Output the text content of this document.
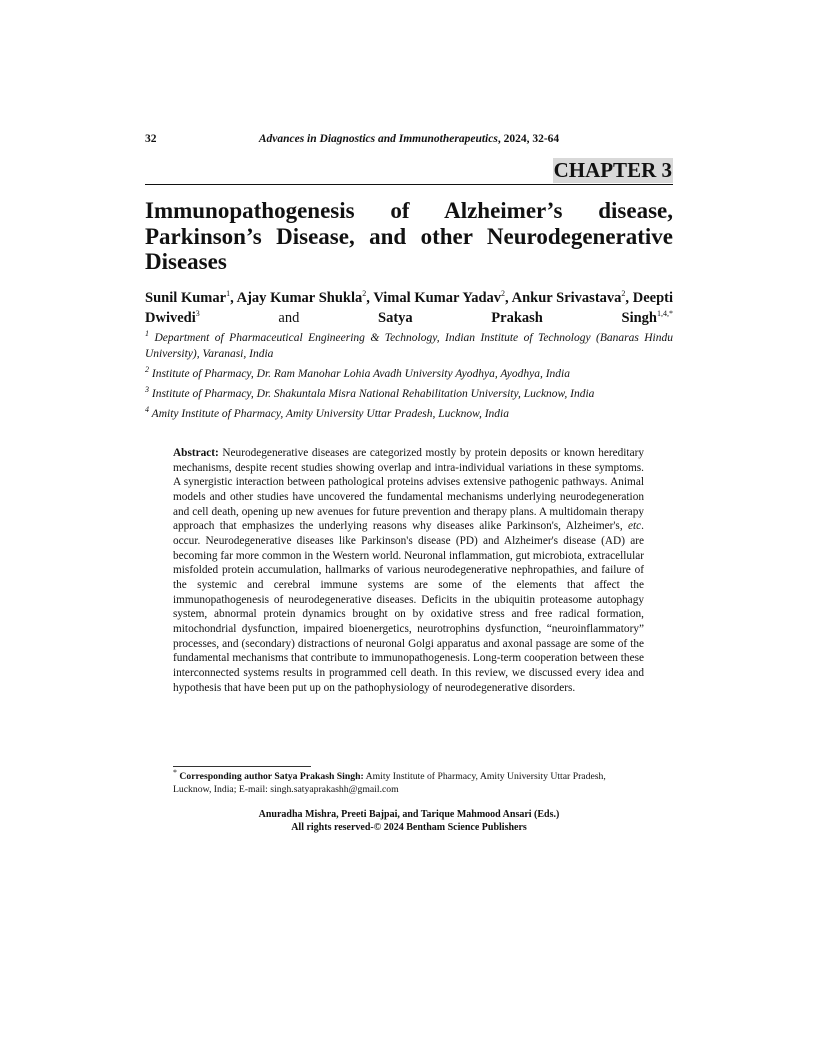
32	Advances in Diagnostics and Immunotherapeutics, 2024, 32-64
CHAPTER 3
Immunopathogenesis of Alzheimer’s disease,
Parkinson’s Disease, and other Neurodegenerative
Diseases
Sunil Kumar$^1$, Ajay Kumar Shukla$^2$, Vimal Kumar Yadav$^2$, Ankur Srivastava$^2$, Deepti Dwivedi$^3$ and Satya Prakash Singh$^{1,4,*}$

$^1$ Department of Pharmaceutical Engineering & Technology, Indian Institute of Technology (Banaras Hindu University), Varanasi, India

$^2$ Institute of Pharmacy, Dr. Ram Manohar Lohia Avadh University Ayodhya, Ayodhya, India

$^3$ Institute of Pharmacy, Dr. Shakuntala Misra National Rehabilitation University, Lucknow, India

$^4$ Amity Institute of Pharmacy, Amity University Uttar Pradesh, Lucknow, India

Abstract: Neurodegenerative diseases are categorized mostly by protein deposits or known hereditary mechanisms, despite recent studies showing overlap and intra-individual variations in these symptoms. A synergistic interaction between pathological proteins advises extensive pathogenic pathways. Animal models and other studies have uncovered the fundamental mechanisms underlying neurodegeneration and cell death, opening up new avenues for future prevention and therapy plans. A multidomain therapy approach that emphasizes the underlying reasons why diseases alike Parkinson's, Alzheimer's, etc. occur. Neurodegenerative diseases like Parkinson's disease (PD) and Alzheimer's disease (AD) are becoming far more common in the Western world. Neuronal inflammation, gut microbiota, extracellular misfolded protein accumulation, hallmarks of various neurodegenerative nephropathies, and failure of the systemic and cerebral immune systems are some of the elements that affect the immunopathogenesis of neurodegenerative diseases. Deficits in the ubiquitin proteasome autophagy system, abnormal protein dynamics brought on by oxidative stress and free radical formation, mitochondrial dysfunction, impaired bioenergetics, neurotrophins dysfunction, “neuroinflammatory” processes, and (secondary) distractions of neuronal Golgi apparatus and axonal passage are some of the fundamental mechanisms that contribute to immunopathogenesis. Long-term cooperation between these interconnected systems results in programmed cell death. In this review, we discussed every idea and hypothesis that have been put up on the pathophysiology of neurodegenerative disorders.

* Corresponding author Satya Prakash Singh: Amity Institute of Pharmacy, Amity University Uttar Pradesh, Lucknow, India; E-mail: singh.satyaprakashh@gmail.com

Anuradha Mishra, Preeti Bajpai, and Tarique Mahmood Ansari (Eds.)
All rights reserved-© 2024 Bentham Science Publishers
